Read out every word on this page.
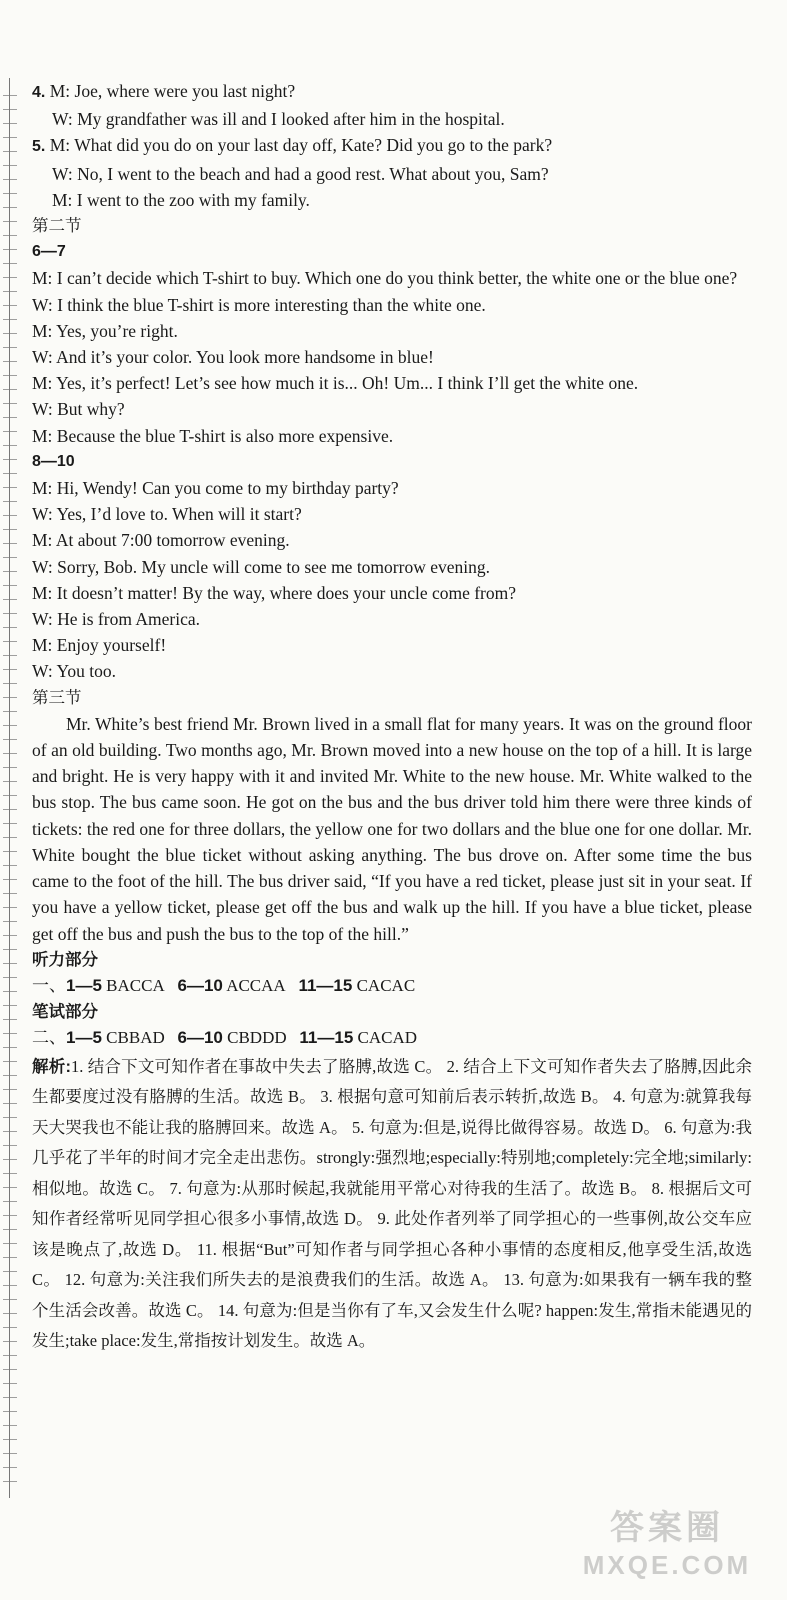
4. M: Joe, where were you last night?
W: My grandfather was ill and I looked after him in the hospital.
5. M: What did you do on your last day off, Kate? Did you go to the park?
W: No, I went to the beach and had a good rest. What about you, Sam?
M: I went to the zoo with my family.
第二节
6—7
M: I can’t decide which T-shirt to buy. Which one do you think better, the white one or the blue one?
W: I think the blue T-shirt is more interesting than the white one.
M: Yes, you’re right.
W: And it’s your color. You look more handsome in blue!
M: Yes, it’s perfect! Let’s see how much it is... Oh! Um... I think I’ll get the white one.
W: But why?
M: Because the blue T-shirt is also more expensive.
8—10
M: Hi, Wendy! Can you come to my birthday party?
W: Yes, I’d love to. When will it start?
M: At about 7:00 tomorrow evening.
W: Sorry, Bob. My uncle will come to see me tomorrow evening.
M: It doesn’t matter! By the way, where does your uncle come from?
W: He is from America.
M: Enjoy yourself!
W: You too.
第三节
Mr. White’s best friend Mr. Brown lived in a small flat for many years. It was on the ground floor of an old building. Two months ago, Mr. Brown moved into a new house on the top of a hill. It is large and bright. He is very happy with it and invited Mr. White to the new house. Mr. White walked to the bus stop. The bus came soon. He got on the bus and the bus driver told him there were three kinds of tickets: the red one for three dollars, the yellow one for two dollars and the blue one for one dollar. Mr. White bought the blue ticket without asking anything. The bus drove on. After some time the bus came to the foot of the hill. The bus driver said, “If you have a red ticket, please just sit in your seat. If you have a yellow ticket, please get off the bus and walk up the hill. If you have a blue ticket, please get off the bus and push the bus to the top of the hill.”
听力部分
一、1—5 BACCA 6—10 ACCAA 11—15 CACAC
笔试部分
二、1—5 CBBAD 6—10 CBDDD 11—15 CACAD
解析:1. 结合下文可知作者在事故中失去了胳膊,故选 C。 2. 结合上下文可知作者失去了胳膊,因此余生都要度过没有胳膊的生活。故选 B。 3. 根据句意可知前后表示转折,故选 B。 4. 句意为:就算我每天大哭我也不能让我的胳膊回来。故选 A。 5. 句意为:但是,说得比做得容易。故选 D。 6. 句意为:我几乎花了半年的时间才完全走出悲伤。strongly:强烈地;especially:特别地;completely:完全地;similarly:相似地。故选 C。 7. 句意为:从那时候起,我就能用平常心对待我的生活了。故选 B。 8. 根据后文可知作者经常听见同学担心很多小事情,故选 D。 9. 此处作者列举了同学担心的一些事例,故公交车应该是晚点了,故选 D。 11. 根据“But”可知作者与同学担心各种小事情的态度相反,他享受生活,故选 C。 12. 句意为:关注我们所失去的是浪费我们的生活。故选 A。 13. 句意为:如果我有一辆车我的整个生活会改善。故选 C。 14. 句意为:但是当你有了车,又会发生什么呢? happen:发生,常指未能遇见的发生;take place:发生,常指按计划发生。故选 A。
答案圈
MXQE.COM
